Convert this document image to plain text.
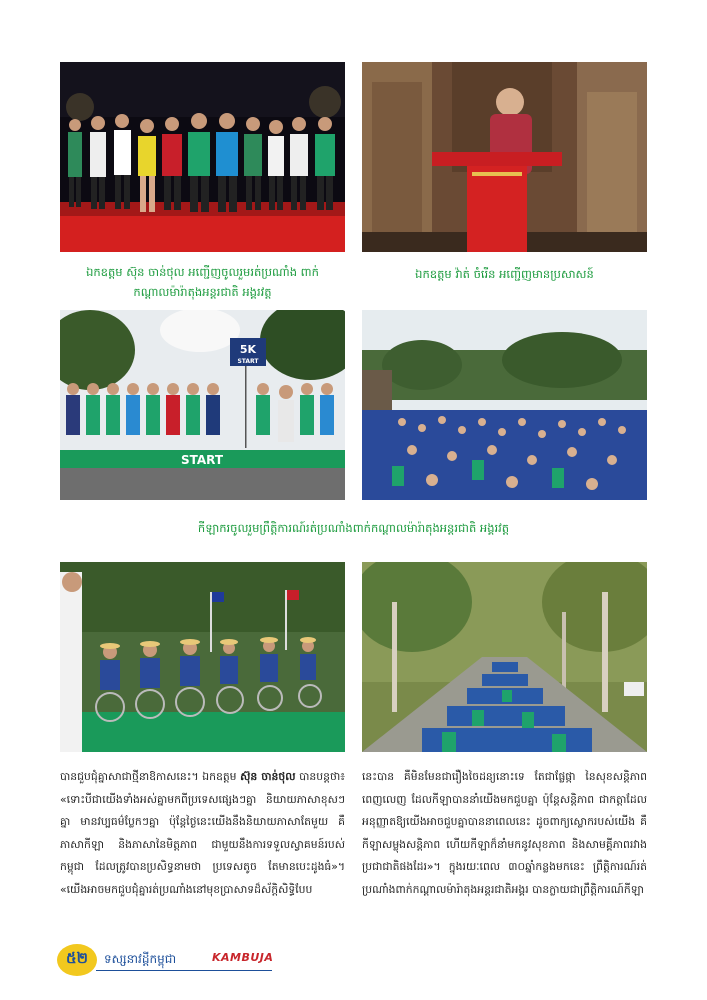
ឯកឧត្តម ស៊ុន ចាន់ថុល អញ្ជើញចូលរួមរត់ប្រណាំង ពាក់កណ្ដាលម៉ារ៉ាតុងអន្តរជាតិ អង្គរវត្ត
ឯកឧត្តម វ៉ាត់ ចំរើន អញ្ជើញមានប្រសាសន៍
START
5K
START
កីឡាករចូលរួមព្រឹត្តិការណ៍រត់ប្រណាំងពាក់កណ្ដាលម៉ារ៉ាតុងអន្តរជាតិ អង្គរវត្ត
បានជួបជុំគ្នាសាជាថ្មីនាឱកាសនេះ។ ឯកឧត្តម ស៊ុន ចាន់ថុល បានបន្តថា៖ «ទោះបីជាយើងទាំងអស់គ្នាមកពីប្រទេសផ្សេងៗគ្នា និយាយភាសាខុសៗគ្នា មានវប្បធម៌ប្លែកៗគ្នា ប៉ុន្តែថ្ងៃនេះយើងនឹងនិយាយភាសាតែមួយ គឺភាសាកីឡា និងភាសានៃមិត្តភាព ជាមួយនឹងការទទួលស្វាគមន៍របស់កម្ពុជា ដែលត្រូវបានប្រសិទ្ធនាមថា ប្រទេសតូច តែមានបេះដូងធំ»។ «យើងអាចមកជួបជុំគ្នារត់ប្រណាំងនៅមុខប្រាសាទដ៏ស័ក្តិសិទ្ធិបែប
នេះបាន គឺមិនមែនជារឿងចៃដន្យនោះទេ តែជាផ្លែផ្កា នៃសុខសន្តិភាពពេញលេញ ដែលកីឡាបាននាំយើងមកជួបគ្នា ប៉ុន្តែសន្តិភាព ជាកត្តាដែលអនុញ្ញាតឱ្យយើងអាចជួបគ្នាបាននាពេលនេះ ដូចពាក្យស្លោករបស់យើង គឺកីឡាសម្លុងសន្តិភាព ហើយកីឡាក៏នាំមកនូវសុខភាព និងសាមគ្គីភាពរវាងប្រជាជាតិផងដែរ»។ ក្នុងរយៈពេល ៣០ឆ្នាំកន្លងមកនេះ ព្រឹត្តិការណ៍រត់ប្រណាំងពាក់កណ្ដាលម៉ារ៉ាតុងអន្តរជាតិអង្គរ បានក្លាយជាព្រឹត្តិការណ៍កីឡា
៥២	ទស្សនាវដ្ដីកម្ពុជា	KAMBUJA
